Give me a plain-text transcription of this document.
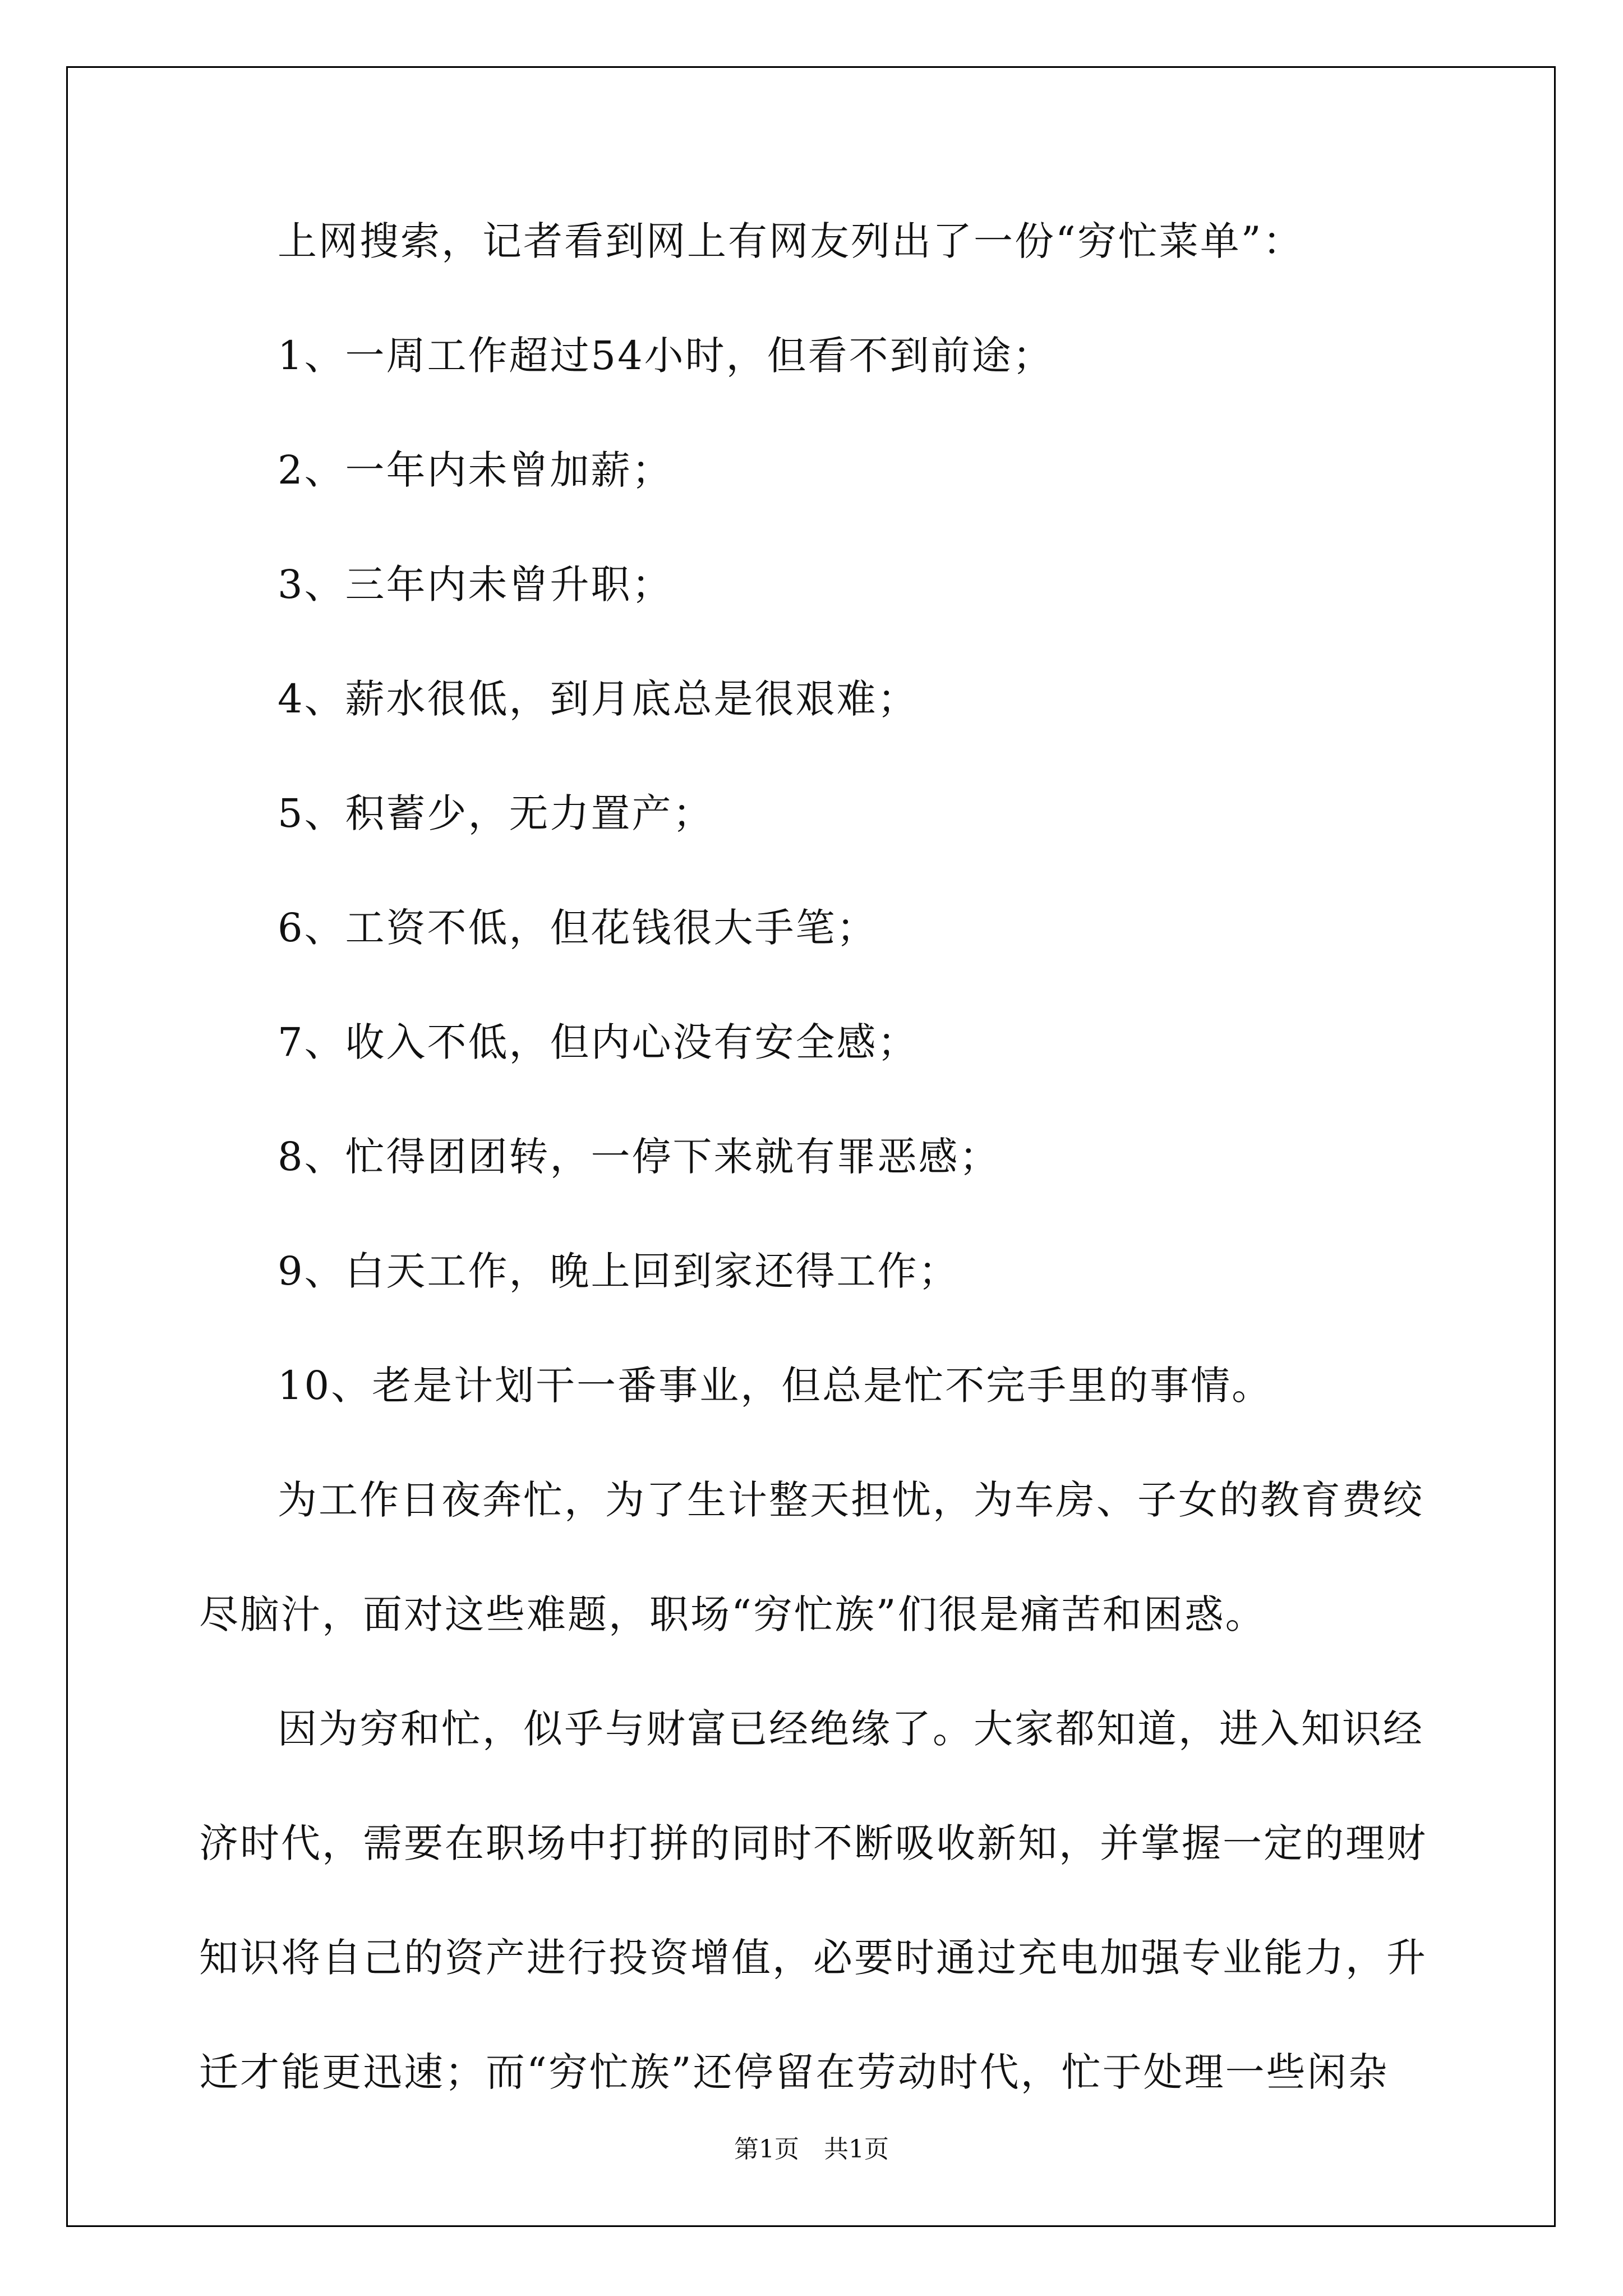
上网搜索，记者看到网上有网友列出了一份“穷忙菜单”：
1、一周工作超过54小时，但看不到前途；
2、一年内未曾加薪；
3、三年内未曾升职；
4、薪水很低，到月底总是很艰难；
5、积蓄少，无力置产；
6、工资不低，但花钱很大手笔；
7、收入不低，但内心没有安全感；
8、忙得团团转，一停下来就有罪恶感；
9、白天工作，晚上回到家还得工作；
10、老是计划干一番事业，但总是忙不完手里的事情。
为工作日夜奔忙，为了生计整天担忧，为车房、子女的教育费绞
尽脑汁，面对这些难题，职场“穷忙族”们很是痛苦和困惑。
因为穷和忙，似乎与财富已经绝缘了。大家都知道，进入知识经
济时代，需要在职场中打拼的同时不断吸收新知，并掌握一定的理财
知识将自己的资产进行投资增值，必要时通过充电加强专业能力，升
迁才能更迅速；而“穷忙族”还停留在劳动时代，忙于处理一些闲杂
第1页 共1页
